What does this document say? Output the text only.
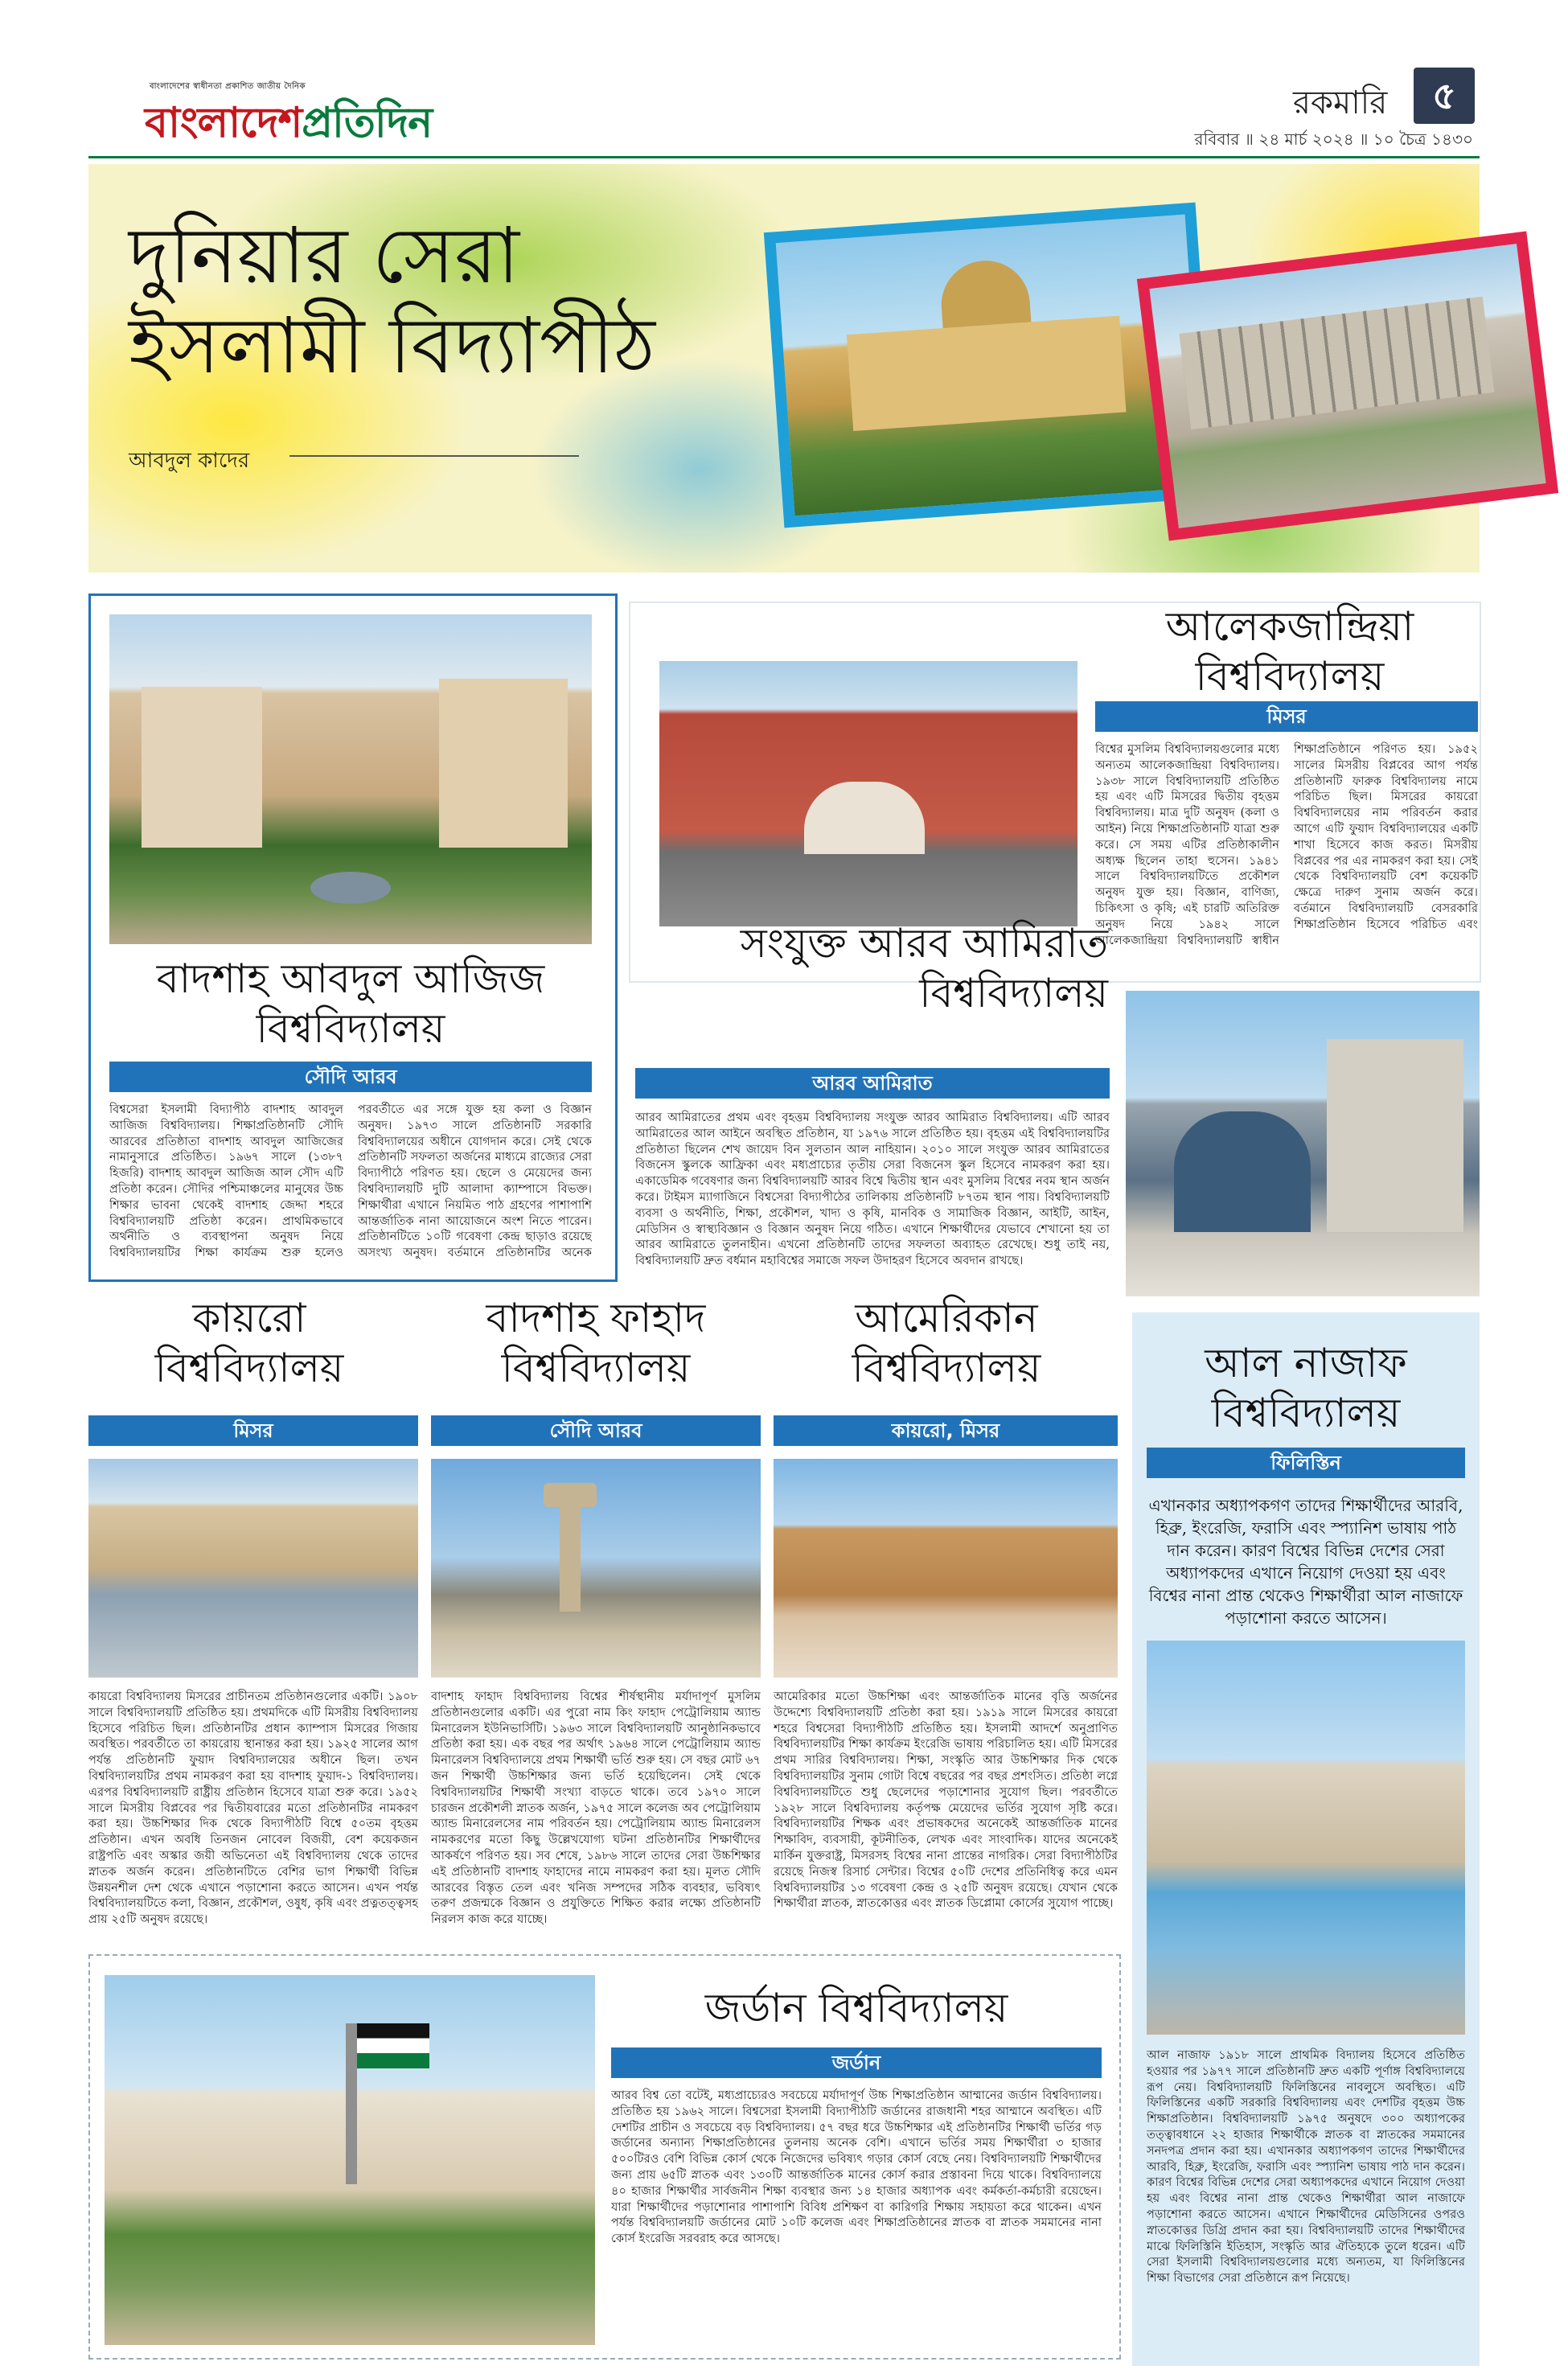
বাংলাদেশের স্বাধীনতা প্রকাশিত জাতীয় দৈনিক
বাংলাদেশপ্রতিদিন	রকমারি	৫
রবিবার ॥ ২৪ মার্চ ২০২৪ ॥ ১০ চৈত্র ১৪৩০
দুনিয়ার সেরা
ইসলামী বিদ্যাপীঠ
আবদুল কাদের
বাদশাহ আবদুল আজিজ
বিশ্ববিদ্যালয়
সৌদি আরব
বিশ্বসেরা ইসলামী বিদ্যাপীঠ বাদশাহ আবদুল আজিজ বিশ্ববিদ্যালয়। শিক্ষাপ্রতিষ্ঠানটি সৌদি আরবের প্রতিষ্ঠাতা বাদশাহ আবদুল আজিজের নামানুসারে প্রতিষ্ঠিত। ১৯৬৭ সালে (১৩৮৭ হিজরি) বাদশাহ আবদুল আজিজ আল সৌদ এটি প্রতিষ্ঠা করেন। সৌদির পশ্চিমাঞ্চলের মানুষের উচ্চ শিক্ষার ভাবনা থেকেই বাদশাহ জেদ্দা শহরে বিশ্ববিদ্যালয়টি প্রতিষ্ঠা করেন। প্রাথমিকভাবে অর্থনীতি ও ব্যবস্থাপনা অনুষদ নিয়ে বিশ্ববিদ্যালয়টির শিক্ষা কার্যক্রম শুরু হলেও পরবর্তীতে এর সঙ্গে যুক্ত হয় কলা ও বিজ্ঞান অনুষদ। ১৯৭৩ সালে প্রতিষ্ঠানটি সরকারি বিশ্ববিদ্যালয়ের অধীনে যোগদান করে। সেই থেকে প্রতিষ্ঠানটি সফলতা অর্জনের মাধ্যমে রাজ্যের সেরা বিদ্যাপীঠে পরিণত হয়। ছেলে ও মেয়েদের জন্য বিশ্ববিদ্যালয়টি দুটি আলাদা ক্যাম্পাসে বিভক্ত। শিক্ষার্থীরা এখানে নিয়মিত পাঠ গ্রহণের পাশাপাশি আন্তর্জাতিক নানা আয়োজনে অংশ নিতে পারেন। প্রতিষ্ঠানটিতে ১০টি গবেষণা কেন্দ্র ছাড়াও রয়েছে অসংখ্য অনুষদ। বর্তমানে প্রতিষ্ঠানটির অনেক
আলেকজান্দ্রিয়া
বিশ্ববিদ্যালয়
মিসর
বিশ্বের মুসলিম বিশ্ববিদ্যালয়গুলোর মধ্যে অন্যতম আলেকজান্দ্রিয়া বিশ্ববিদ্যালয়। ১৯৩৮ সালে বিশ্ববিদ্যালয়টি প্রতিষ্ঠিত হয় এবং এটি মিসরের দ্বিতীয় বৃহত্তম বিশ্ববিদ্যালয়। মাত্র দুটি অনুষদ (কলা ও আইন) নিয়ে শিক্ষাপ্রতিষ্ঠানটি যাত্রা শুরু করে। সে সময় এটির প্রতিষ্ঠাকালীন অধ্যক্ষ ছিলেন তাহা হুসেন। ১৯৪১ সালে বিশ্ববিদ্যালয়টিতে প্রকৌশল অনুষদ যুক্ত হয়। বিজ্ঞান, বাণিজ্য, চিকিৎসা ও কৃষি; এই চারটি অতিরিক্ত অনুষদ নিয়ে ১৯৪২ সালে আলেকজান্দ্রিয়া বিশ্ববিদ্যালয়টি স্বাধীন শিক্ষাপ্রতিষ্ঠানে পরিণত হয়। ১৯৫২ সালের মিসরীয় বিপ্লবের আগ পর্যন্ত প্রতিষ্ঠানটি ফারুক বিশ্ববিদ্যালয় নামে পরিচিত ছিল। মিসরের কায়রো বিশ্ববিদ্যালয়ের নাম পরিবর্তন করার আগে এটি ফুয়াদ বিশ্ববিদ্যালয়ের একটি শাখা হিসেবে কাজ করত। মিসরীয় বিপ্লবের পর এর নামকরণ করা হয়। সেই থেকে বিশ্ববিদ্যালয়টি বেশ কয়েকটি ক্ষেত্রে দারুণ সুনাম অর্জন করে। বর্তমানে বিশ্ববিদ্যালয়টি বেসরকারি শিক্ষাপ্রতিষ্ঠান হিসেবে পরিচিত এবং
সংযুক্ত আরব আমিরাত
বিশ্ববিদ্যালয়
আরব আমিরাত
আরব আমিরাতের প্রথম এবং বৃহত্তম বিশ্ববিদ্যালয় সংযুক্ত আরব আমিরাত বিশ্ববিদ্যালয়। এটি আরব আমিরাতের আল আইনে অবস্থিত প্রতিষ্ঠান, যা ১৯৭৬ সালে প্রতিষ্ঠিত হয়। বৃহত্তম এই বিশ্ববিদ্যালয়টির প্রতিষ্ঠাতা ছিলেন শেখ জায়েদ বিন সুলতান আল নাহিয়ান। ২০১০ সালে সংযুক্ত আরব আমিরাতের বিজনেস স্কুলকে আফ্রিকা এবং মধ্যপ্রাচ্যের তৃতীয় সেরা বিজনেস স্কুল হিসেবে নামকরণ করা হয়। একাডেমিক গবেষণার জন্য বিশ্ববিদ্যালয়টি আরব বিশ্বে দ্বিতীয় স্থান এবং মুসলিম বিশ্বের নবম স্থান অর্জন করে। টাইমস ম্যাগাজিনে বিশ্বসেরা বিদ্যাপীঠের তালিকায় প্রতিষ্ঠানটি ৮৭তম স্থান পায়। বিশ্ববিদ্যালয়টি ব্যবসা ও অর্থনীতি, শিক্ষা, প্রকৌশল, খাদ্য ও কৃষি, মানবিক ও সামাজিক বিজ্ঞান, আইটি, আইন, মেডিসিন ও স্বাস্থ্যবিজ্ঞান ও বিজ্ঞান অনুষদ নিয়ে গঠিত। এখানে শিক্ষার্থীদের যেভাবে শেখানো হয় তা আরব আমিরাতে তুলনাহীন। এখনো প্রতিষ্ঠানটি তাদের সফলতা অব্যাহত রেখেছে। শুধু তাই নয়, বিশ্ববিদ্যালয়টি দ্রুত বর্ধমান মহাবিশ্বের সমাজে সফল উদাহরণ হিসেবে অবদান রাখছে।
কায়রো
বিশ্ববিদ্যালয়
মিসর
কায়রো বিশ্ববিদ্যালয় মিসরের প্রাচীনতম প্রতিষ্ঠানগুলোর একটি। ১৯০৮ সালে বিশ্ববিদ্যালয়টি প্রতিষ্ঠিত হয়। প্রথমদিকে এটি মিসরীয় বিশ্ববিদ্যালয় হিসেবে পরিচিত ছিল। প্রতিষ্ঠানটির প্রধান ক্যাম্পাস মিসরের গিজায় অবস্থিত। পরবর্তীতে তা কায়রোয় স্থানান্তর করা হয়। ১৯২৫ সালের আগ পর্যন্ত প্রতিষ্ঠানটি ফুয়াদ বিশ্ববিদ্যালয়ের অধীনে ছিল। তখন বিশ্ববিদ্যালয়টির প্রথম নামকরণ করা হয় বাদশাহ ফুয়াদ-১ বিশ্ববিদ্যালয়। এরপর বিশ্ববিদ্যালয়টি রাষ্ট্রীয় প্রতিষ্ঠান হিসেবে যাত্রা শুরু করে। ১৯৫২ সালে মিসরীয় বিপ্লবের পর দ্বিতীয়বারের মতো প্রতিষ্ঠানটির নামকরণ করা হয়। উচ্চশিক্ষার দিক থেকে বিদ্যাপীঠটি বিশ্বে ৫০তম বৃহত্তম প্রতিষ্ঠান। এখন অবধি তিনজন নোবেল বিজয়ী, বেশ কয়েকজন রাষ্ট্রপতি এবং অস্কার জয়ী অভিনেতা এই বিশ্ববিদ্যালয় থেকে তাদের স্নাতক অর্জন করেন। প্রতিষ্ঠানটিতে বেশির ভাগ শিক্ষার্থী বিভিন্ন উন্নয়নশীল দেশ থেকে এখানে পড়াশোনা করতে আসেন। এখন পর্যন্ত বিশ্ববিদ্যালয়টিতে কলা, বিজ্ঞান, প্রকৌশল, ওষুধ, কৃষি এবং প্রত্নতত্ত্বসহ প্রায় ২৫টি অনুষদ রয়েছে।
বাদশাহ ফাহাদ
বিশ্ববিদ্যালয়
সৌদি আরব
বাদশাহ ফাহাদ বিশ্ববিদ্যালয় বিশ্বের শীর্ষস্থানীয় মর্যাদাপূর্ণ মুসলিম প্রতিষ্ঠানগুলোর একটি। এর পুরো নাম কিং ফাহাদ পেট্রোলিয়াম অ্যান্ড মিনারেলস ইউনিভার্সিটি। ১৯৬৩ সালে বিশ্ববিদ্যালয়টি আনুষ্ঠানিকভাবে প্রতিষ্ঠা করা হয়। এক বছর পর অর্থাৎ ১৯৬৪ সালে পেট্রোলিয়াম অ্যান্ড মিনারেলস বিশ্ববিদ্যালয়ে প্রথম শিক্ষার্থী ভর্তি শুরু হয়। সে বছর মোট ৬৭ জন শিক্ষার্থী উচ্চশিক্ষার জন্য ভর্তি হয়েছিলেন। সেই থেকে বিশ্ববিদ্যালয়টির শিক্ষার্থী সংখ্যা বাড়তে থাকে। তবে ১৯৭০ সালে চারজন প্রকৌশলী স্নাতক অর্জন, ১৯৭৫ সালে কলেজ অব পেট্রোলিয়াম অ্যান্ড মিনারেলসের নাম পরিবর্তন হয়। পেট্রোলিয়াম অ্যান্ড মিনারেলস নামকরণের মতো কিছু উল্লেখযোগ্য ঘটনা প্রতিষ্ঠানটির শিক্ষার্থীদের আকর্ষণে পরিণত হয়। সব শেষে, ১৯৮৬ সালে তাদের সেরা উচ্চশিক্ষার এই প্রতিষ্ঠানটি বাদশাহ ফাহাদের নামে নামকরণ করা হয়। মূলত সৌদি আরবের বিস্তৃত তেল এবং খনিজ সম্পদের সঠিক ব্যবহার, ভবিষ্যৎ তরুণ প্রজন্মকে বিজ্ঞান ও প্রযুক্তিতে শিক্ষিত করার লক্ষ্যে প্রতিষ্ঠানটি নিরলস কাজ করে যাচ্ছে।
আমেরিকান
বিশ্ববিদ্যালয়
কায়রো, মিসর
আমেরিকার মতো উচ্চশিক্ষা এবং আন্তর্জাতিক মানের বৃত্তি অর্জনের উদ্দেশ্যে বিশ্ববিদ্যালয়টি প্রতিষ্ঠা করা হয়। ১৯১৯ সালে মিসরের কায়রো শহরে বিশ্বসেরা বিদ্যাপীঠটি প্রতিষ্ঠিত হয়। ইসলামী আদর্শে অনুপ্রাণিত বিশ্ববিদ্যালয়টির শিক্ষা কার্যক্রম ইংরেজি ভাষায় পরিচালিত হয়। এটি মিসরের প্রথম সারির বিশ্ববিদ্যালয়। শিক্ষা, সংস্কৃতি আর উচ্চশিক্ষার দিক থেকে বিশ্ববিদ্যালয়টির সুনাম গোটা বিশ্বে বছরের পর বছর প্রশংসিত। প্রতিষ্ঠা লগ্নে বিশ্ববিদ্যালয়টিতে শুধু ছেলেদের পড়াশোনার সুযোগ ছিল। পরবর্তীতে ১৯২৮ সালে বিশ্ববিদ্যালয় কর্তৃপক্ষ মেয়েদের ভর্তির সুযোগ সৃষ্টি করে। বিশ্ববিদ্যালয়টির শিক্ষক এবং প্রভাষকদের অনেকেই আন্তর্জাতিক মানের শিক্ষাবিদ, ব্যবসায়ী, কূটনীতিক, লেখক এবং সাংবাদিক। যাদের অনেকেই মার্কিন যুক্তরাষ্ট্র, মিসরসহ বিশ্বের নানা প্রান্তের নাগরিক। সেরা বিদ্যাপীঠটির রয়েছে নিজস্ব রিসার্চ সেন্টার। বিশ্বের ৫০টি দেশের প্রতিনিধিত্ব করে এমন বিশ্ববিদ্যালয়টির ১৩ গবেষণা কেন্দ্র ও ২৫টি অনুষদ রয়েছে। যেখান থেকে শিক্ষার্থীরা স্নাতক, স্নাতকোত্তর এবং স্নাতক ডিপ্লোমা কোর্সের সুযোগ পাচ্ছে।
আল নাজাফ
বিশ্ববিদ্যালয়
ফিলিস্তিন
এখানকার অধ্যাপকগণ তাদের শিক্ষার্থীদের আরবি, হিব্রু, ইংরেজি, ফরাসি এবং স্প্যানিশ ভাষায় পাঠ দান করেন। কারণ বিশ্বের বিভিন্ন দেশের সেরা অধ্যাপকদের এখানে নিয়োগ দেওয়া হয় এবং বিশ্বের নানা প্রান্ত থেকেও শিক্ষার্থীরা আল নাজাফে পড়াশোনা করতে আসেন।
আল নাজাফ ১৯১৮ সালে প্রাথমিক বিদ্যালয় হিসেবে প্রতিষ্ঠিত হওয়ার পর ১৯৭৭ সালে প্রতিষ্ঠানটি দ্রুত একটি পূর্ণাঙ্গ বিশ্ববিদ্যালয়ে রূপ নেয়। বিশ্ববিদ্যালয়টি ফিলিস্তিনের নাবলুসে অবস্থিত। এটি ফিলিস্তিনের একটি সরকারি বিশ্ববিদ্যালয় এবং দেশটির বৃহত্তম উচ্চ শিক্ষাপ্রতিষ্ঠান। বিশ্ববিদ্যালয়টি ১৯৭৫ অনুষদে ৩০০ অধ্যাপকের তত্ত্বাবধানে ২২ হাজার শিক্ষার্থীকে স্নাতক বা স্নাতকের সমমানের সনদপত্র প্রদান করা হয়। এখানকার অধ্যাপকগণ তাদের শিক্ষার্থীদের আরবি, হিব্রু, ইংরেজি, ফরাসি এবং স্প্যানিশ ভাষায় পাঠ দান করেন। কারণ বিশ্বের বিভিন্ন দেশের সেরা অধ্যাপকদের এখানে নিয়োগ দেওয়া হয় এবং বিশ্বের নানা প্রান্ত থেকেও শিক্ষার্থীরা আল নাজাফে পড়াশোনা করতে আসেন। এখানে শিক্ষার্থীদের মেডিসিনের ওপরও স্নাতকোত্তর ডিগ্রি প্রদান করা হয়। বিশ্ববিদ্যালয়টি তাদের শিক্ষার্থীদের মাঝে ফিলিস্তিনি ইতিহাস, সংস্কৃতি আর ঐতিহ্যকে তুলে ধরেন। এটি সেরা ইসলামী বিশ্ববিদ্যালয়গুলোর মধ্যে অন্যতম, যা ফিলিস্তিনের শিক্ষা বিভাগের সেরা প্রতিষ্ঠানে রূপ নিয়েছে।
জর্ডান বিশ্ববিদ্যালয়
জর্ডান
আরব বিশ্ব তো বটেই, মধ্যপ্রাচ্যেরও সবচেয়ে মর্যাদাপূর্ণ উচ্চ শিক্ষাপ্রতিষ্ঠান আম্মানের জর্ডান বিশ্ববিদ্যালয়। প্রতিষ্ঠিত হয় ১৯৬২ সালে। বিশ্বসেরা ইসলামী বিদ্যাপীঠটি জর্ডানের রাজধানী শহর আম্মানে অবস্থিত। এটি দেশটির প্রাচীন ও সবচেয়ে বড় বিশ্ববিদ্যালয়। ৫৭ বছর ধরে উচ্চশিক্ষার এই প্রতিষ্ঠানটির শিক্ষার্থী ভর্তির গড় জর্ডানের অন্যান্য শিক্ষাপ্রতিষ্ঠানের তুলনায় অনেক বেশি। এখানে ভর্তির সময় শিক্ষার্থীরা ৩ হাজার ৫০০টিরও বেশি বিভিন্ন কোর্স থেকে নিজেদের ভবিষ্যৎ গড়ার কোর্স বেছে নেয়। বিশ্ববিদ্যালয়টি শিক্ষার্থীদের জন্য প্রায় ৬৫টি স্নাতক এবং ১৩০টি আন্তর্জাতিক মানের কোর্স করার প্রস্তাবনা দিয়ে থাকে। বিশ্ববিদ্যালয়ে ৪০ হাজার শিক্ষার্থীর সার্বজনীন শিক্ষা ব্যবস্থার জন্য ১৪ হাজার অধ্যাপক এবং কর্মকর্তা-কর্মচারী রয়েছেন। যারা শিক্ষার্থীদের পড়াশোনার পাশাপাশি বিবিধ প্রশিক্ষণ বা কারিগরি শিক্ষায় সহায়তা করে থাকেন। এখন পর্যন্ত বিশ্ববিদ্যালয়টি জর্ডানের মোট ১০টি কলেজ এবং শিক্ষাপ্রতিষ্ঠানের স্নাতক বা স্নাতক সমমানের নানা কোর্স ইংরেজি সরবরাহ করে আসছে।
